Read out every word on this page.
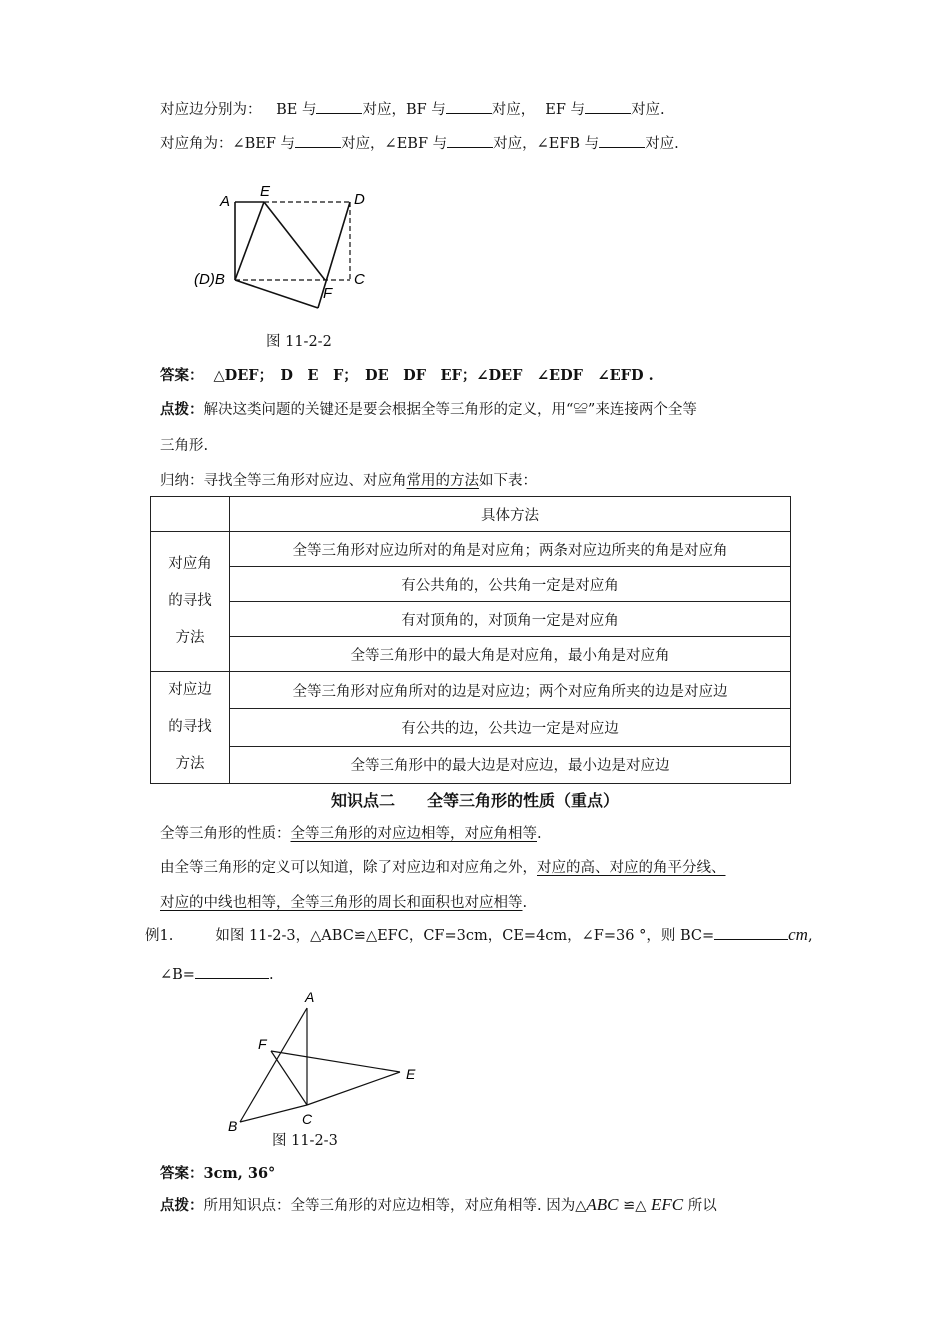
对应边分别为： BE 与	对应，BF 与	对应， EF 与	对应.
对应角为：∠BEF 与	对应，∠EBF 与	对应，∠EFB 与	对应.
A
E	D
(D)B	C
F
图 11-2-2
答案： △DEF；　D　E　F；　DE　DF　EF；∠DEF　∠EDF　∠EFD .
点拨：解决这类问题的关键还是要会根据全等三角形的定义，用“≌”来连接两个全等
三角形.
归纳：寻找全等三角形对应边、对应角常用的方法如下表：
	具体方法

对应角
的寻找
方法	全等三角形对应边所对的角是对应角；两条对应边所夹的角是对应角
	有公共角的，公共角一定是对应角
	有对顶角的，对顶角一定是对应角
	全等三角形中的最大角是对应角，最小角是对应角

对应边
的寻找
方法	全等三角形对应角所对的边是对应边；两个对应角所夹的边是对应边
	有公共的边，公共边一定是对应边
	全等三角形中的最大边是对应边，最小边是对应边
知识点二　　全等三角形的性质（重点）
全等三角形的性质：全等三角形的对应边相等，对应角相等.
由全等三角形的定义可以知道，除了对应边和对应角之外，对应的高、对应的角平分线、
对应的中线也相等，全等三角形的周长和面积也对应相等.
例1.	如图 11-2-3，△ABC≌△EFC，CF=3cm，CE=4cm，∠F=36 °，则 BC=	cm,
∠B=	.
A
F
E
B	C
图 11-2-3
答案：3cm, 36°
点拨：所用知识点：全等三角形的对应边相等，对应角相等. 因为△ABC ≌△ EFC 所以
